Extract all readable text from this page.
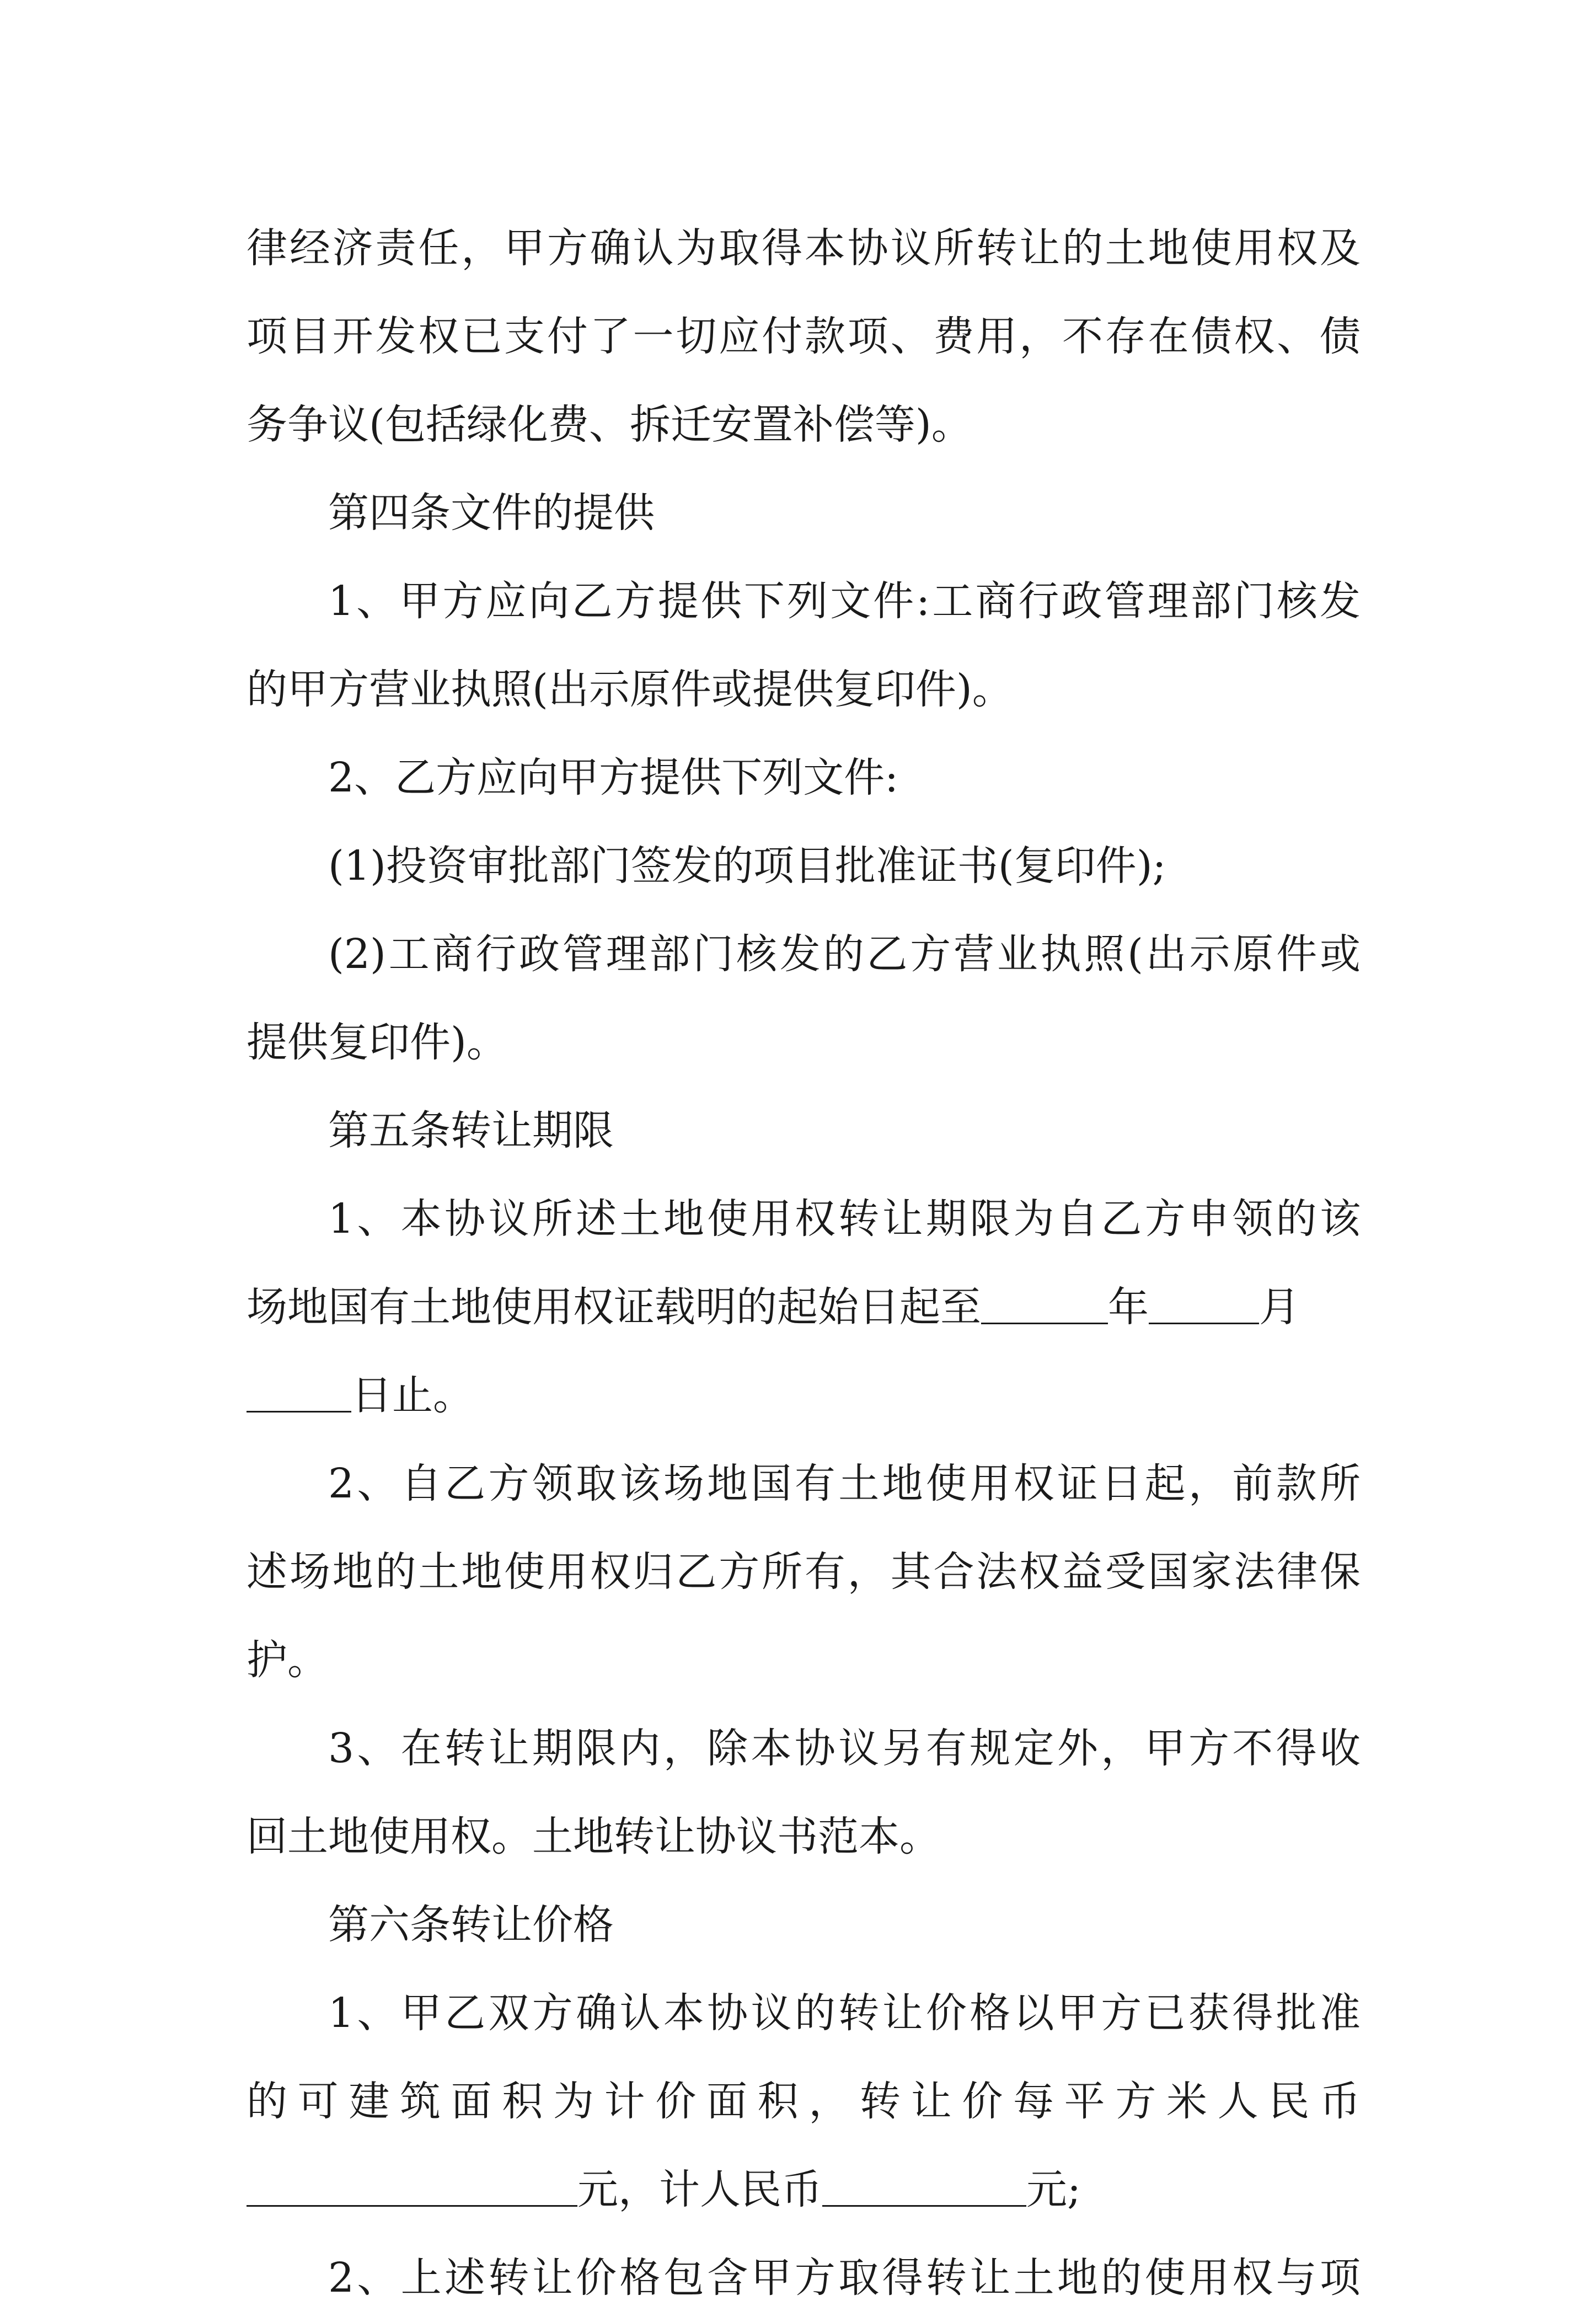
律经济责任，甲方确认为取得本协议所转让的土地使用权及
项目开发权已支付了一切应付款项、费用，不存在债权、债
务争议(包括绿化费、拆迁安置补偿等)。
第四条文件的提供
1、甲方应向乙方提供下列文件:工商行政管理部门核发
的甲方营业执照(出示原件或提供复印件)。
2、乙方应向甲方提供下列文件:
(1)投资审批部门签发的项目批准证书(复印件);
(2)工商行政管理部门核发的乙方营业执照(出示原件或
提供复印件)。
第五条转让期限
1、本协议所述土地使用权转让期限为自乙方申领的该
场地国有土地使用权证载明的起始日起至	年	月
日止。
2、自乙方领取该场地国有土地使用权证日起，前款所
述场地的土地使用权归乙方所有，其合法权益受国家法律保
护。
3、在转让期限内，除本协议另有规定外，甲方不得收
回土地使用权。土地转让协议书范本。
第六条转让价格
1、甲乙双方确认本协议的转让价格以甲方已获得批准
的可建筑面积为计价面积，转让价每平方米人民币
元，计人民币	元;
2、上述转让价格包含甲方取得转让土地的使用权与项
